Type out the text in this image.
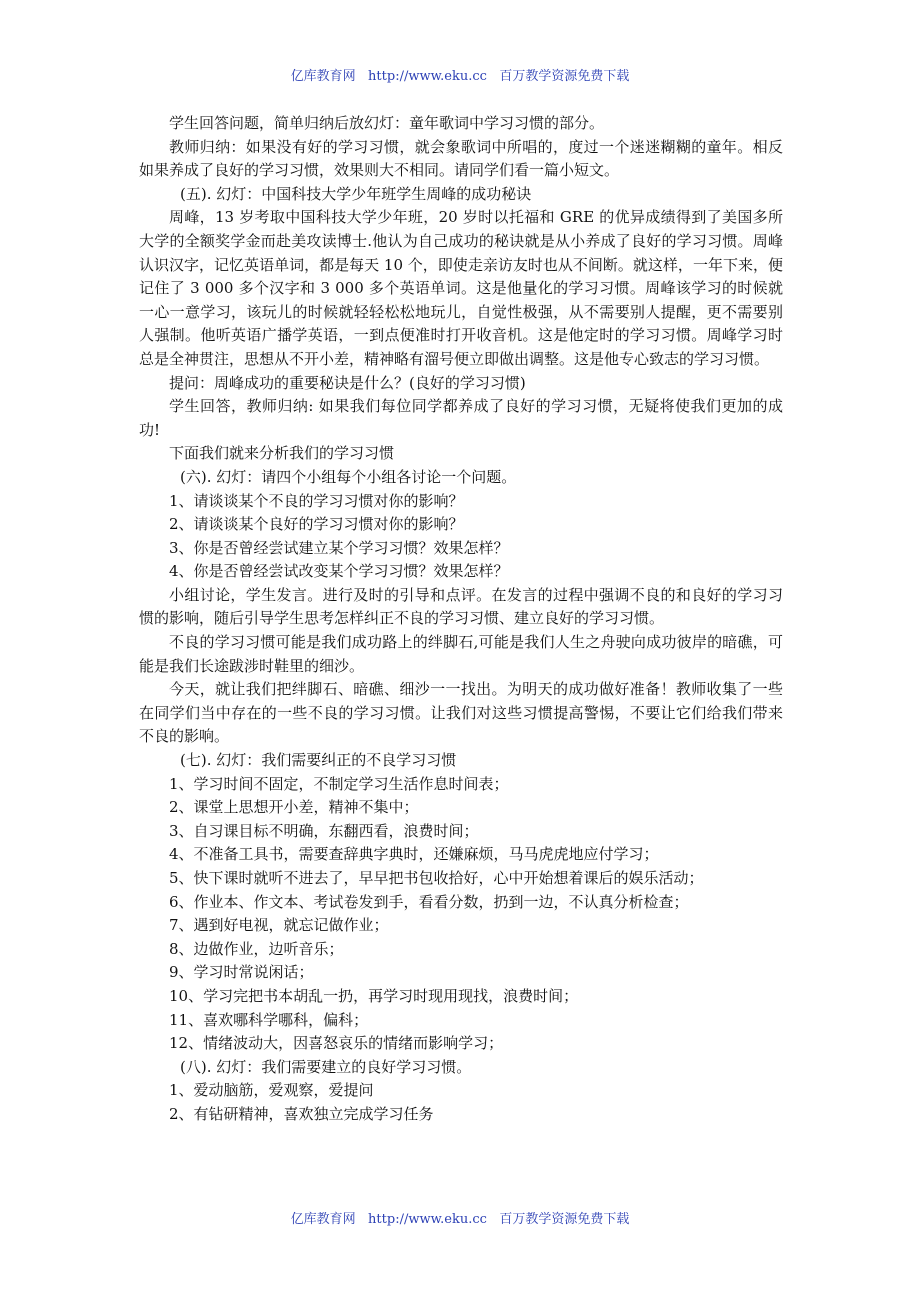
亿库教育网 http://www.eku.cc 百万教学资源免费下载

学生回答问题，简单归纳后放幻灯：童年歌词中学习习惯的部分。

教师归纳：如果没有好的学习习惯，就会象歌词中所唱的，度过一个迷迷糊糊的童年。相反如果养成了良好的学习习惯，效果则大不相同。请同学们看一篇小短文。

(五). 幻灯：中国科技大学少年班学生周峰的成功秘诀

周峰，13 岁考取中国科技大学少年班，20 岁时以托福和 GRE 的优异成绩得到了美国多所大学的全额奖学金而赴美攻读博士.他认为自己成功的秘诀就是从小养成了良好的学习习惯。周峰认识汉字，记忆英语单词，都是每天 10 个，即使走亲访友时也从不间断。就这样，一年下来，便记住了 3 000 多个汉字和 3 000 多个英语单词。这是他量化的学习习惯。周峰该学习的时候就一心一意学习，该玩儿的时候就轻轻松松地玩儿，自觉性极强，从不需要别人提醒，更不需要别人强制。他听英语广播学英语，一到点便准时打开收音机。这是他定时的学习习惯。周峰学习时总是全神贯注，思想从不开小差，精神略有溜号便立即做出调整。这是他专心致志的学习习惯。

提问：周峰成功的重要秘诀是什么？(良好的学习习惯)

学生回答，教师归纳: 如果我们每位同学都养成了良好的学习习惯，无疑将使我们更加的成功!

下面我们就来分析我们的学习习惯

(六). 幻灯：请四个小组每个小组各讨论一个问题。

1、请谈谈某个不良的学习习惯对你的影响？

2、请谈谈某个良好的学习习惯对你的影响？

3、你是否曾经尝试建立某个学习习惯？效果怎样？

4、你是否曾经尝试改变某个学习习惯？效果怎样？

小组讨论，学生发言。进行及时的引导和点评。在发言的过程中强调不良的和良好的学习习惯的影响，随后引导学生思考怎样纠正不良的学习习惯、建立良好的学习习惯。

不良的学习习惯可能是我们成功路上的绊脚石,可能是我们人生之舟驶向成功彼岸的暗礁，可能是我们长途跋涉时鞋里的细沙。

今天，就让我们把绊脚石、暗礁、细沙一一找出。为明天的成功做好准备！教师收集了一些在同学们当中存在的一些不良的学习习惯。让我们对这些习惯提高警惕，不要让它们给我们带来不良的影响。

(七). 幻灯：我们需要纠正的不良学习习惯

1、学习时间不固定，不制定学习生活作息时间表；

2、课堂上思想开小差，精神不集中；

3、自习课目标不明确，东翻西看，浪费时间；

4、不准备工具书，需要查辞典字典时，还嫌麻烦，马马虎虎地应付学习；

5、快下课时就听不进去了，早早把书包收拾好，心中开始想着课后的娱乐活动；

6、作业本、作文本、考试卷发到手，看看分数，扔到一边，不认真分析检查；

7、遇到好电视，就忘记做作业；

8、边做作业，边听音乐；

9、学习时常说闲话；

10、学习完把书本胡乱一扔，再学习时现用现找，浪费时间；

11、喜欢哪科学哪科，偏科；

12、情绪波动大，因喜怒哀乐的情绪而影响学习；

(八). 幻灯：我们需要建立的良好学习习惯。

1、爱动脑筋，爱观察，爱提问

2、有钻研精神，喜欢独立完成学习任务

亿库教育网 http://www.eku.cc 百万教学资源免费下载
